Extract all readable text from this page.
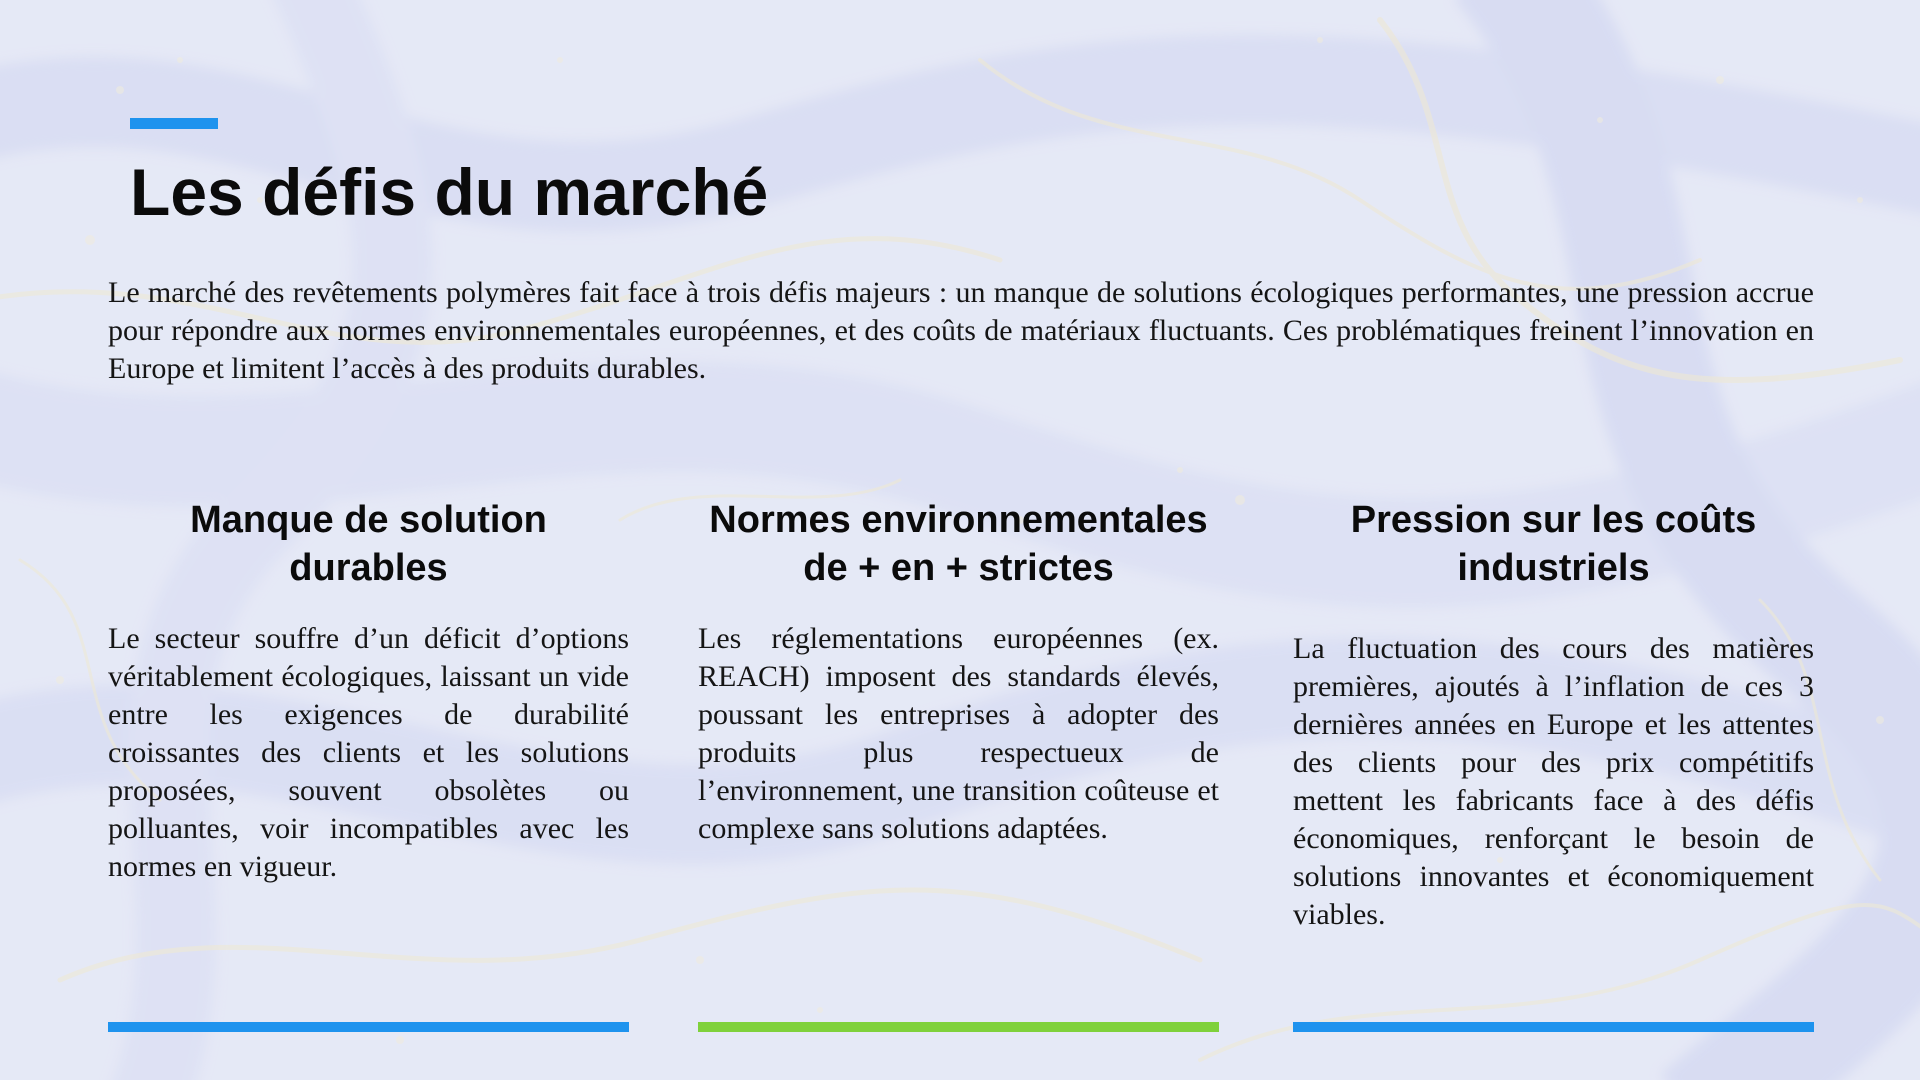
Les défis du marché

Le marché des revêtements polymères fait face à trois défis majeurs : un manque de solutions écologiques performantes, une pression accrue pour répondre aux normes environnementales européennes, et des coûts de matériaux fluctuants. Ces problématiques freinent l’innovation en Europe et limitent l’accès à des produits durables.

Manque de solution durables

Le secteur souffre d’un déficit d’options véritablement écologiques, laissant un vide entre les exigences de durabilité croissantes des clients et les solutions proposées, souvent obsolètes ou polluantes, voir incompatibles avec les normes en vigueur.

Normes environnementales de + en + strictes

Les réglementations européennes (ex. REACH) imposent des standards élevés, poussant les entreprises à adopter des produits plus respectueux de l’environnement, une transition coûteuse et complexe sans solutions adaptées.

Pression sur les coûts industriels

La fluctuation des cours des matières premières, ajoutés à l’inflation de ces 3 dernières années en Europe et les attentes des clients pour des prix compétitifs mettent les fabricants face à des défis économiques, renforçant le besoin de solutions innovantes et économiquement viables.
